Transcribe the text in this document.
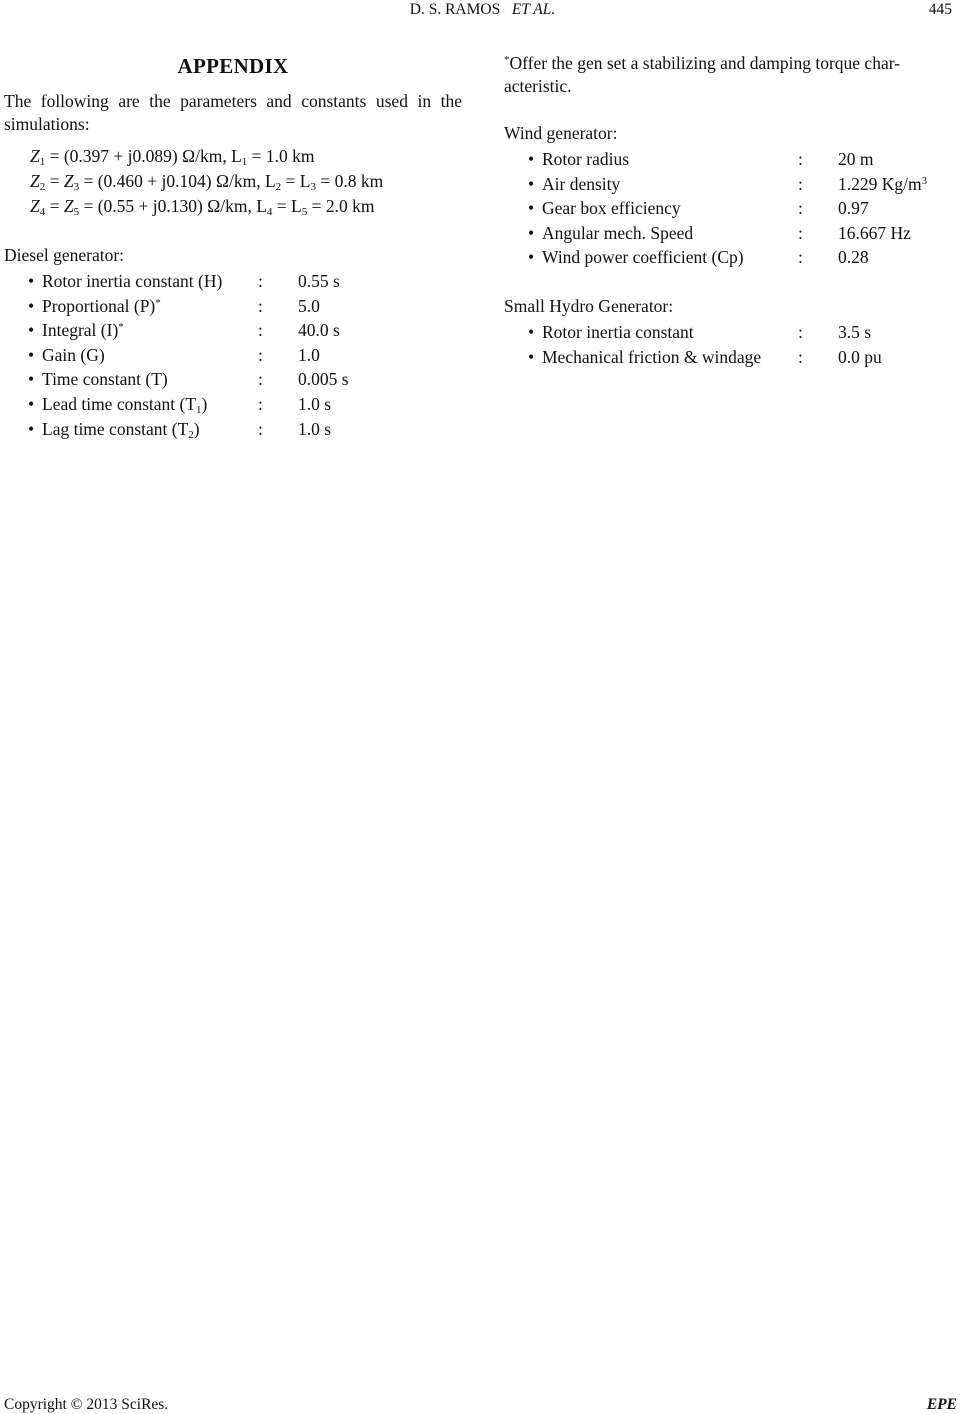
D. S. RAMOS ET AL.	445
APPENDIX

The following are the parameters and constants used in the simulations:

$Z_1 = (0.397 + j0.089)$ Ω/km, $L_1 = 1.0$ km
$Z_2 = Z_3 = (0.460 + j0.104)$ Ω/km, $L_2 = L_3 = 0.8$ km
$Z_4 = Z_5 = (0.55 + j0.130)$ Ω/km, $L_4 = L_5 = 2.0$ km
Diesel generator:
• Rotor inertia constant (H)	:	0.55 s
• Proportional (P)*	:	5.0
• Integral (I)*	:	40.0 s
• Gain (G)	:	1.0
• Time constant (T)	:	0.005 s
• Lead time constant $(T_1)$	:	1.0 s
• Lag time constant $(T_2)$	:	1.0 s
*Offer the gen set a stabilizing and damping torque char-
acteristic.
Wind generator:
• Rotor radius	:	20 m
• Air density	:	1.229 $Kg/m^3$
• Gear box efficiency	:	0.97
• Angular mech. Speed	:	16.667 Hz
• Wind power coefficient (Cp)	:	0.28
Small Hydro Generator:
• Rotor inertia constant	:	3.5 s
• Mechanical friction & windage	:	0.0 pu
Copyright © 2013 SciRes.	EPE
